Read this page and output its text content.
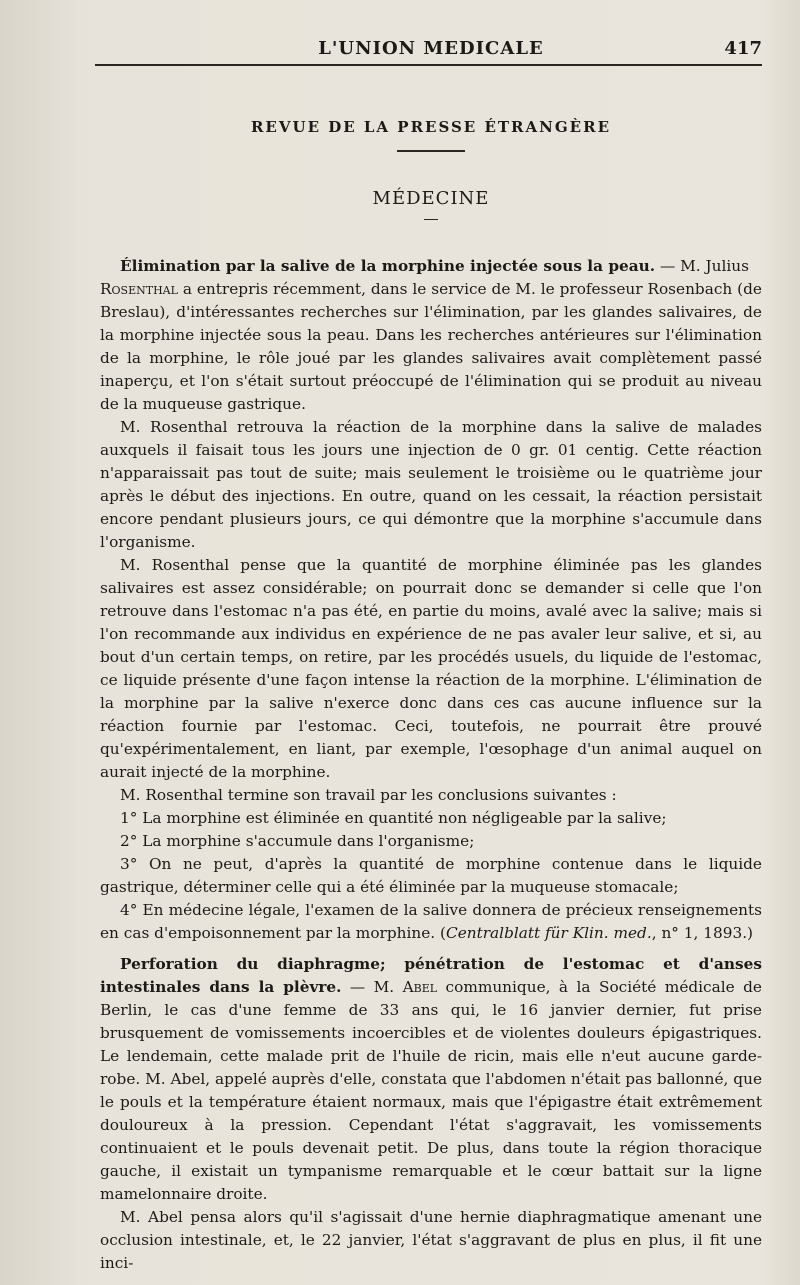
L'UNION MEDICALE	417
REVUE DE LA PRESSE ÉTRANGÈRE
MÉDECINE

Élimination par la salive de la morphine injectée sous la peau. — M. Julius
Rosenthal a entrepris récemment, dans le service de M. le professeur Rosenbach (de Breslau), d'intéressantes recherches sur l'élimination, par les glandes salivaires, de la morphine injectée sous la peau. Dans les recherches antérieures sur l'élimination de la morphine, le rôle joué par les glandes salivaires avait complètement passé inaperçu, et l'on s'était surtout préoccupé de l'élimination qui se produit au niveau de la muqueuse gastrique.

M. Rosenthal retrouva la réaction de la morphine dans la salive de malades auxquels il faisait tous les jours une injection de 0 gr. 01 centig. Cette réaction n'apparaissait pas tout de suite; mais seulement le troisième ou le quatrième jour après le début des injections. En outre, quand on les cessait, la réaction persistait encore pendant plusieurs jours, ce qui démontre que la morphine s'accumule dans l'organisme.

M. Rosenthal pense que la quantité de morphine éliminée pas les glandes salivaires est assez considérable; on pourrait donc se demander si celle que l'on retrouve dans l'estomac n'a pas été, en partie du moins, avalé avec la salive; mais si l'on recommande aux individus en expérience de ne pas avaler leur salive, et si, au bout d'un certain temps, on retire, par les procédés usuels, du liquide de l'estomac, ce liquide présente d'une façon intense la réaction de la morphine. L'élimination de la morphine par la salive n'exerce donc dans ces cas aucune influence sur la réaction fournie par l'estomac. Ceci, toutefois, ne pourrait être prouvé qu'expérimentalement, en liant, par exemple, l'œsophage d'un animal auquel on aurait injecté de la morphine.

M. Rosenthal termine son travail par les conclusions suivantes :

1° La morphine est éliminée en quantité non négligeable par la salive;

2° La morphine s'accumule dans l'organisme;

3° On ne peut, d'après la quantité de morphine contenue dans le liquide gastrique, déterminer celle qui a été éliminée par la muqueuse stomacale;

4° En médecine légale, l'examen de la salive donnera de précieux renseignements en cas d'empoisonnement par la morphine. (Centralblatt für Klin. med., n° 1, 1893.)

Perforation du diaphragme; pénétration de l'estomac et d'anses intestinales dans la plèvre. — M. Abel communique, à la Société médicale de Berlin, le cas d'une femme de 33 ans qui, le 16 janvier dernier, fut prise brusquement de vomissements incoercibles et de violentes douleurs épigastriques. Le lendemain, cette malade prit de l'huile de ricin, mais elle n'eut aucune garde-robe. M. Abel, appelé auprès d'elle, constata que l'abdomen n'était pas ballonné, que le pouls et la température étaient normaux, mais que l'épigastre était extrêmement douloureux à la pression. Cependant l'état s'aggravait, les vomissements continuaient et le pouls devenait petit. De plus, dans toute la région thoracique gauche, il existait un tympanisme remarquable et le cœur battait sur la ligne mamelonnaire droite.

M. Abel pensa alors qu'il s'agissait d'une hernie diaphragmatique amenant une occlusion intestinale, et, le 22 janvier, l'état s'aggravant de plus en plus, il fit une inci-
